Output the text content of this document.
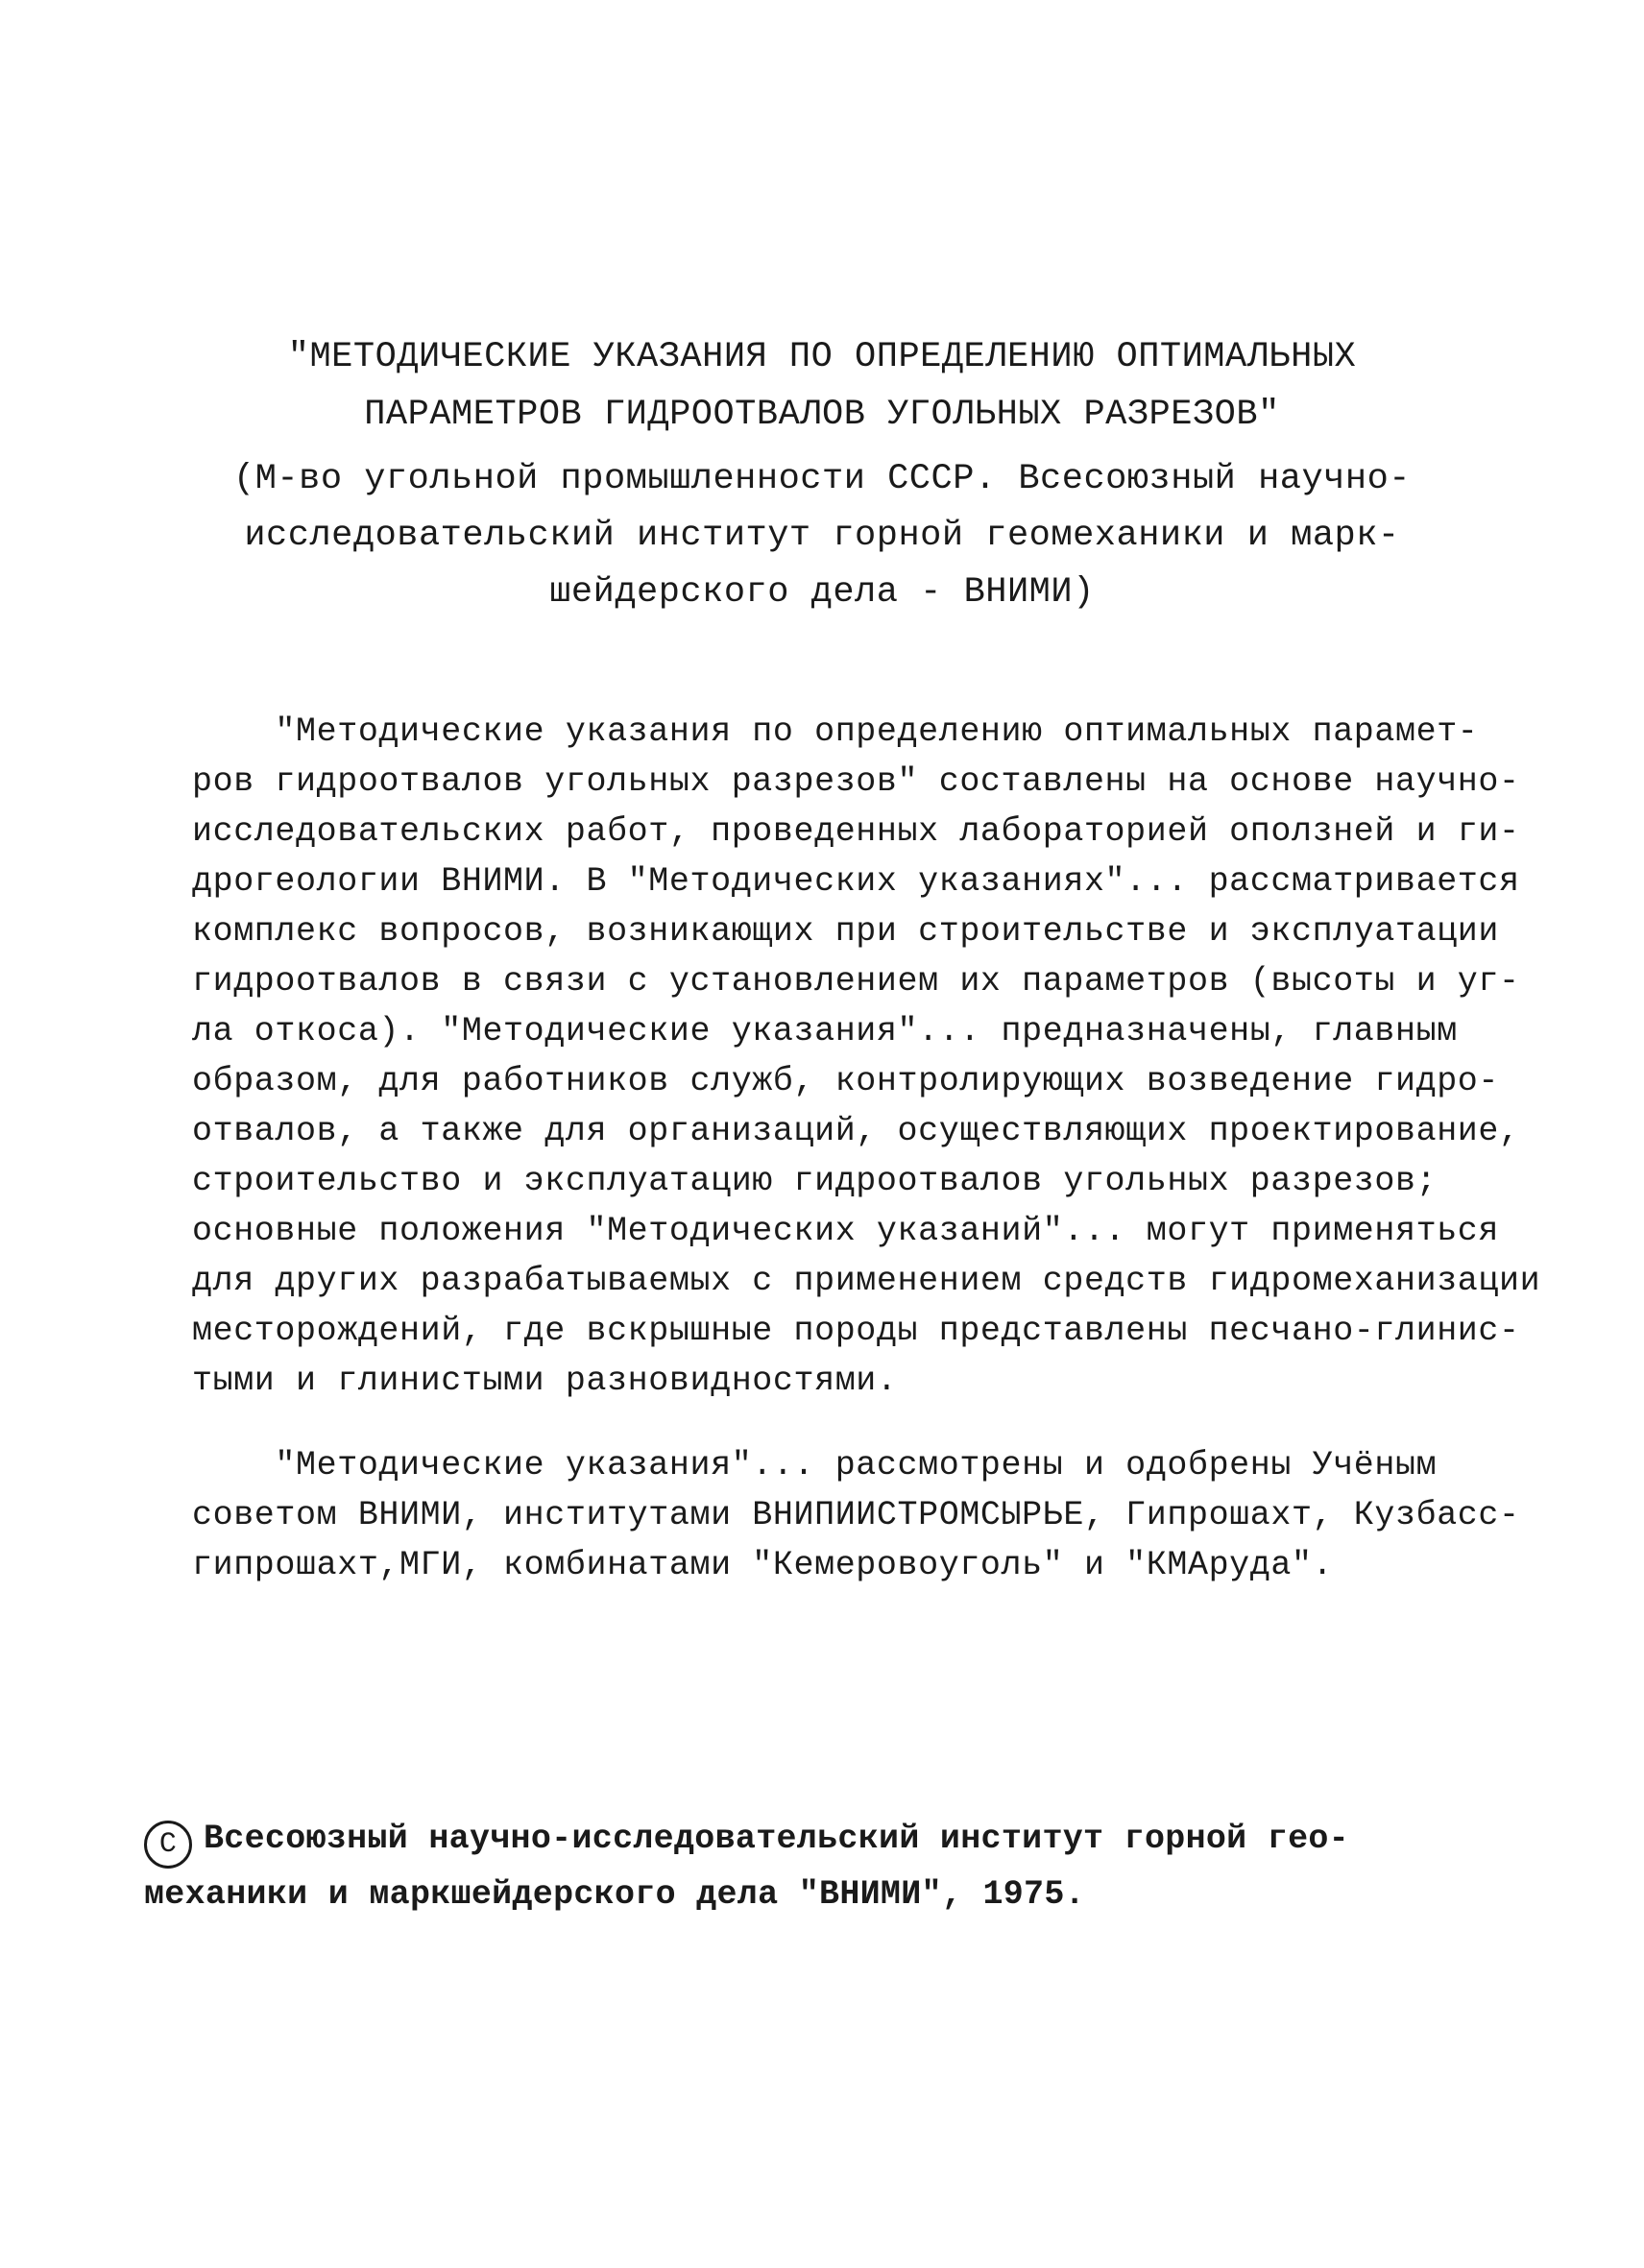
"МЕТОДИЧЕСКИЕ УКАЗАНИЯ ПО ОПРЕДЕЛЕНИЮ ОПТИМАЛЬНЫХ
ПАРАМЕТРОВ ГИДРООТВАЛОВ УГОЛЬНЫХ РАЗРЕЗОВ"
(М-во угольной промышленности СССР. Всесоюзный научно-
исследовательский институт горной геомеханики и марк-
шейдерского дела - ВНИМИ)
"Методические указания по определению оптимальных парамет-
ров гидроотвалов угольных разрезов" составлены на основе научно-
исследовательских работ, проведенных лабораторией оползней и ги-
дрогеологии ВНИМИ. В "Методических указаниях"... рассматривается
комплекс вопросов, возникающих при строительстве и эксплуатации
гидроотвалов в связи с установлением их параметров (высоты и уг-
ла откоса). "Методические указания"... предназначены, главным
образом, для работников служб, контролирующих возведение гидро-
отвалов, а также для организаций, осуществляющих проектирование,
строительство и эксплуатацию гидроотвалов угольных разрезов;
основные положения "Методических указаний"... могут применяться
для других разрабатываемых с применением средств гидромеханизации
месторождений, где вскрышные породы представлены песчано-глинис-
тыми и глинистыми разновидностями.
"Методические указания"... рассмотрены и одобрены Учёным
советом ВНИМИ, институтами ВНИПИИСТРОМСЫРЬЕ, Гипрошахт, Кузбасс-
гипрошахт,МГИ, комбинатами "Кемеровоуголь" и "КМАруда".
C Всесоюзный научно-исследовательский институт горной гео-
механики и маркшейдерского дела "ВНИМИ", 1975.
